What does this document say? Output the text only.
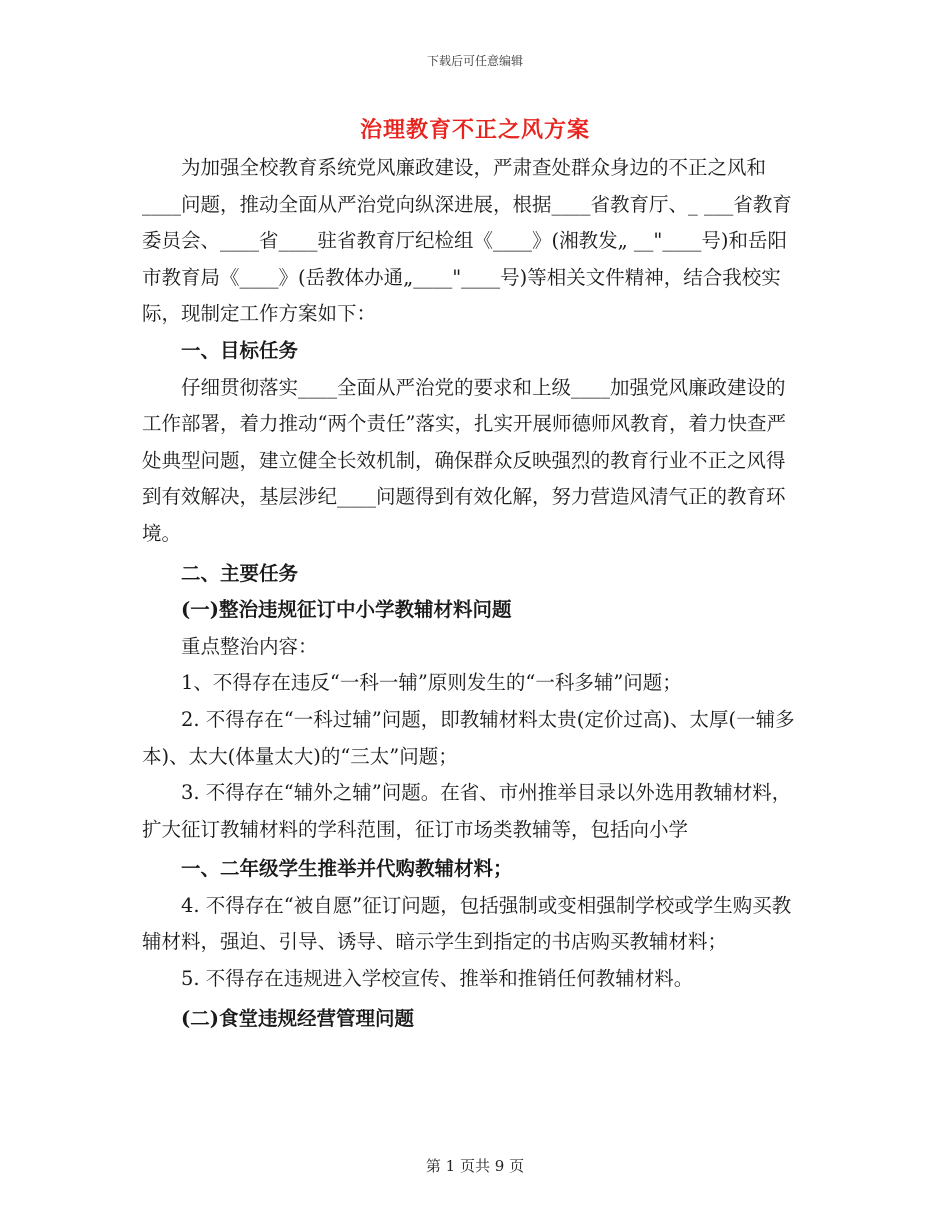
下载后可任意编辑
治理教育不正之风方案

为加强全校教育系统党风廉政建设，严肃查处群众身边的不正之风和____问题，推动全面从严治党向纵深进展，根据____省教育厅、_ ___省教育委员会、____省____驻省教育厅纪检组《____》(湘教发„ __"____号)和岳阳市教育局《____》(岳教体办通„____"____号)等相关文件精神，结合我校实际，现制定工作方案如下：

一、目标任务

仔细贯彻落实____全面从严治党的要求和上级____加强党风廉政建设的工作部署，着力推动“两个责任”落实，扎实开展师德师风教育，着力快查严处典型问题，建立健全长效机制，确保群众反映强烈的教育行业不正之风得到有效解决，基层涉纪____问题得到有效化解，努力营造风清气正的教育环境。

二、主要任务

(一)整治违规征订中小学教辅材料问题

重点整治内容：

1、不得存在违反“一科一辅”原则发生的“一科多辅”问题；

2. 不得存在“一科过辅”问题，即教辅材料太贵(定价过高)、太厚(一辅多本)、太大(体量太大)的“三太”问题；

3. 不得存在“辅外之辅”问题。在省、市州推举目录以外选用教辅材料，扩大征订教辅材料的学科范围，征订市场类教辅等，包括向小学

一、二年级学生推举并代购教辅材料；

4. 不得存在“被自愿”征订问题，包括强制或变相强制学校或学生购买教辅材料，强迫、引导、诱导、暗示学生到指定的书店购买教辅材料；

5. 不得存在违规进入学校宣传、推举和推销任何教辅材料。

(二)食堂违规经营管理问题

第 1 页共 9 页
